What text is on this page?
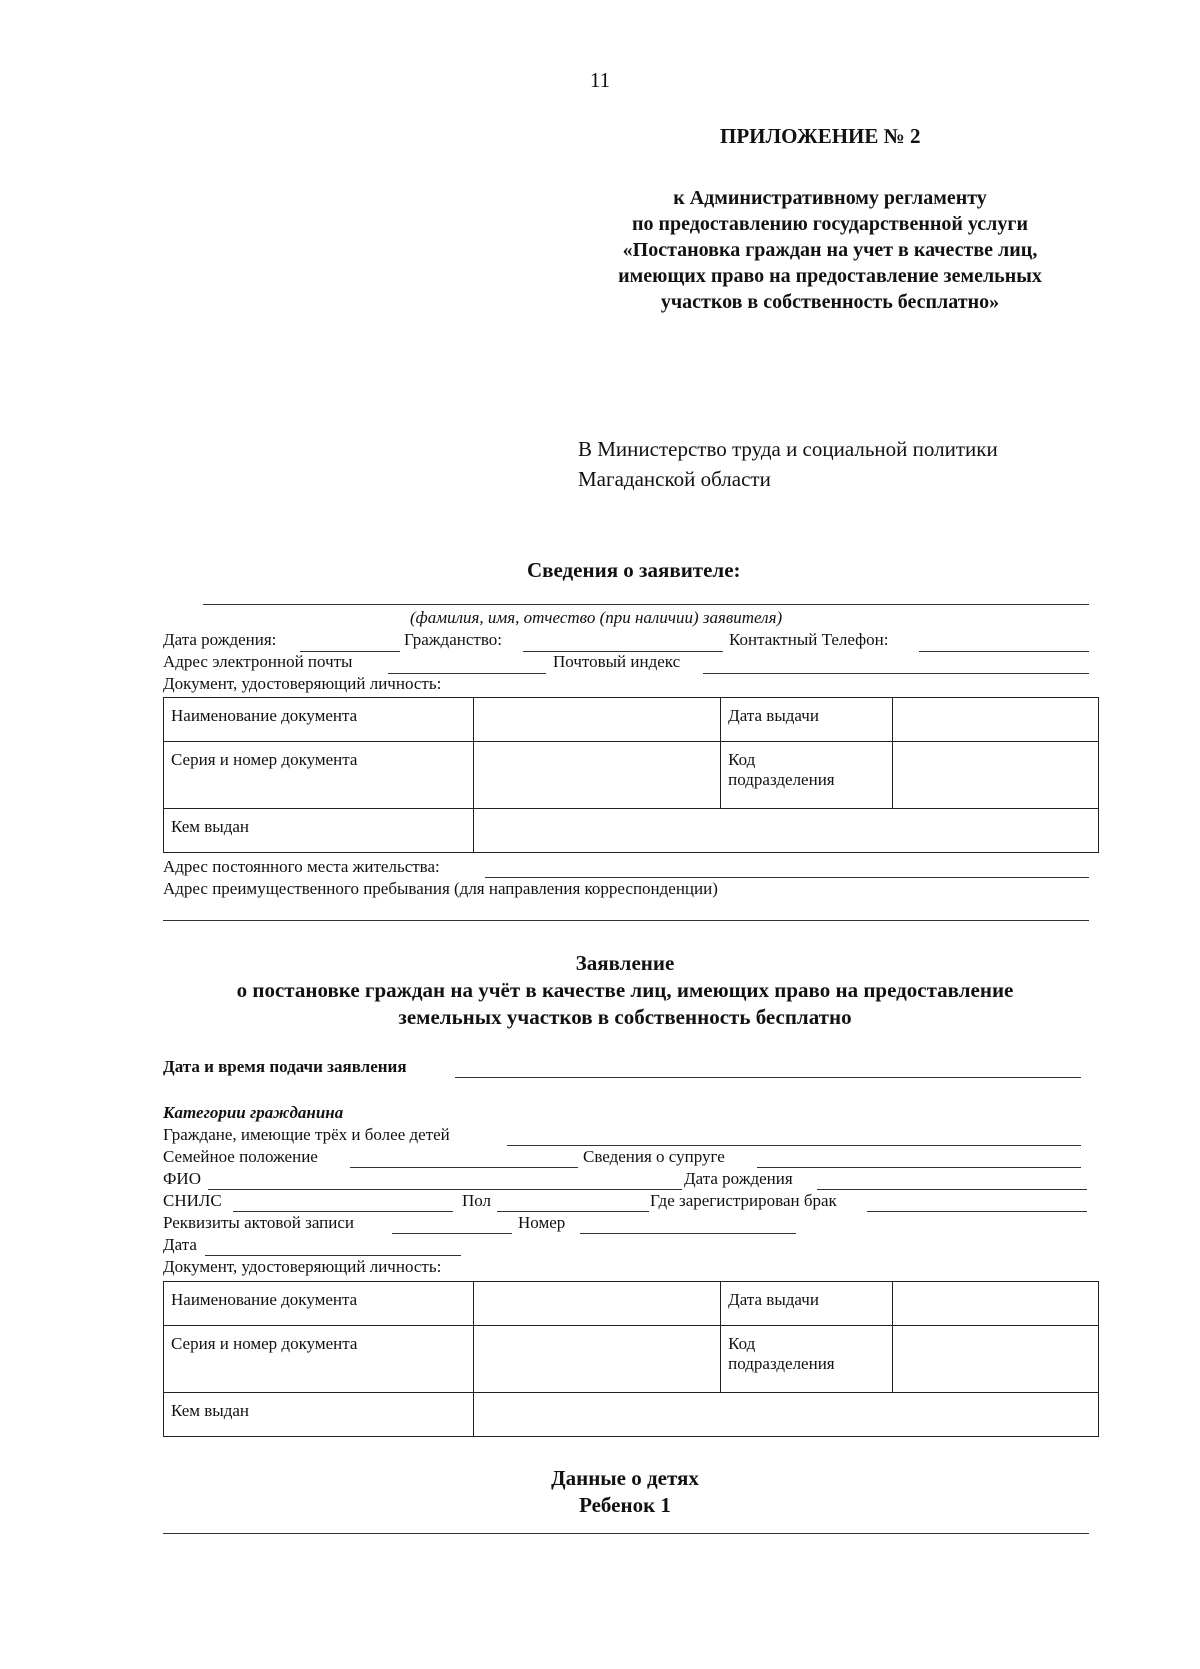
11
ПРИЛОЖЕНИЕ № 2
к Административному регламенту
по предоставлению государственной услуги
«Постановка граждан на учет в качестве лиц,
имеющих право на предоставление земельных
участков в собственность бесплатно»
В Министерство труда и социальной политики
Магаданской области
Сведения о заявителе:
(фамилия, имя, отчество (при наличии) заявителя)
Дата рождения:	Гражданство:	Контактный Телефон:
Адрес электронной почты	Почтовый индекс
Документ, удостоверяющий личность:
Наименование документа		Дата выдачи	
Серия и номер документа		Код
подразделения	

Кем выдан			
Адрес постоянного места жительства:
Адрес преимущественного пребывания (для направления корреспонденции)
Заявление
о постановке граждан на учёт в качестве лиц, имеющих право на предоставление
земельных участков в собственность бесплатно
Дата и время подачи заявления
Категории гражданина
Граждане, имеющие трёх и более детей
Семейное положение	Сведения о супруге
ФИО	Дата рождения
СНИЛС	Пол	Где зарегистрирован брак
Реквизиты актовой записи	Номер
Дата
Документ, удостоверяющий личность:
Наименование документа		Дата выдачи	
Серия и номер документа		Код
подразделения	

Кем выдан			
Данные о детях
Ребенок 1
